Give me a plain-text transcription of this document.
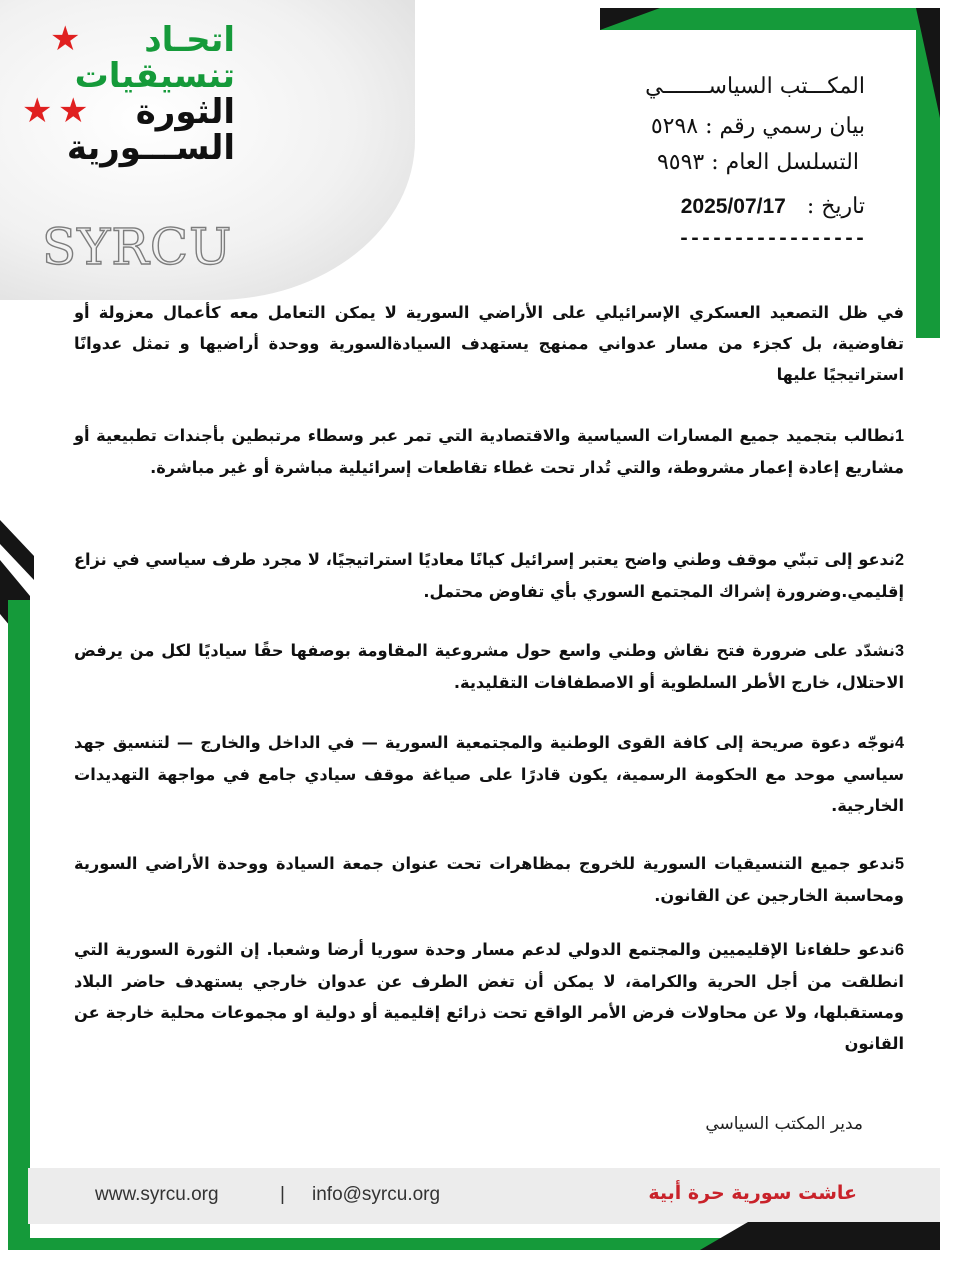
★ اتحـاد
تنسيقيات
★ ★ الثورة
الســـورية
SYRCU
المكـــتب السياســـــــي
بيان رسمي رقم : ٥٢٩٨
التسلسل العام : ٩٥٩٣
تاريخ :   2025/07/17
-----------------
في ظل التصعيد العسكري الإسرائيلي على الأراضي السورية لا يمكن التعامل معه كأعمال معزولة أو تفاوضية، بل كجزء من مسار عدواني ممنهج يستهدف السيادةالسورية ووحدة أراضيها و تمثل عدوانًا استراتيجيًا عليها
1نطالب بتجميد جميع المسارات السياسية والاقتصادية التي تمر عبر وسطاء مرتبطين بأجندات تطبيعية أو مشاريع إعادة إعمار مشروطة، والتي تُدار تحت غطاء تقاطعات إسرائيلية مباشرة أو غير مباشرة.
2ندعو إلى تبنّي موقف وطني واضح يعتبر إسرائيل كيانًا معاديًا استراتيجيًا، لا مجرد طرف سياسي في نزاع إقليمي.وضرورة إشراك المجتمع السوري بأي تفاوض محتمل.
3نشدّد على ضرورة فتح نقاش وطني واسع حول مشروعية المقاومة بوصفها حقًا سياديًا لكل من يرفض الاحتلال، خارج الأطر السلطوية أو الاصطفافات التقليدية.
4نوجّه دعوة صريحة إلى كافة القوى الوطنية والمجتمعية السورية — في الداخل والخارج — لتنسيق جهد سياسي موحد مع الحكومة الرسمية، يكون قادرًا على صياغة موقف سيادي جامع في مواجهة التهديدات الخارجية.
5ندعو جميع التنسيقيات السورية للخروج بمظاهرات تحت عنوان جمعة السيادة ووحدة الأراضي السورية ومحاسبة الخارجين عن القانون.
6ندعو حلفاءنا الإقليميين والمجتمع الدولي لدعم مسار وحدة سوريا أرضا وشعبا. إن الثورة السورية التي انطلقت من أجل الحرية والكرامة، لا يمكن أن تغض الطرف عن عدوان خارجي يستهدف حاضر البلاد ومستقبلها، ولا عن محاولات فرض الأمر الواقع تحت ذرائع إقليمية أو دولية او مجموعات محلية خارجة عن القانون
مدير المكتب السياسي
www.syrcu.org	| info@syrcu.org	عاشت سورية حرة أبية
